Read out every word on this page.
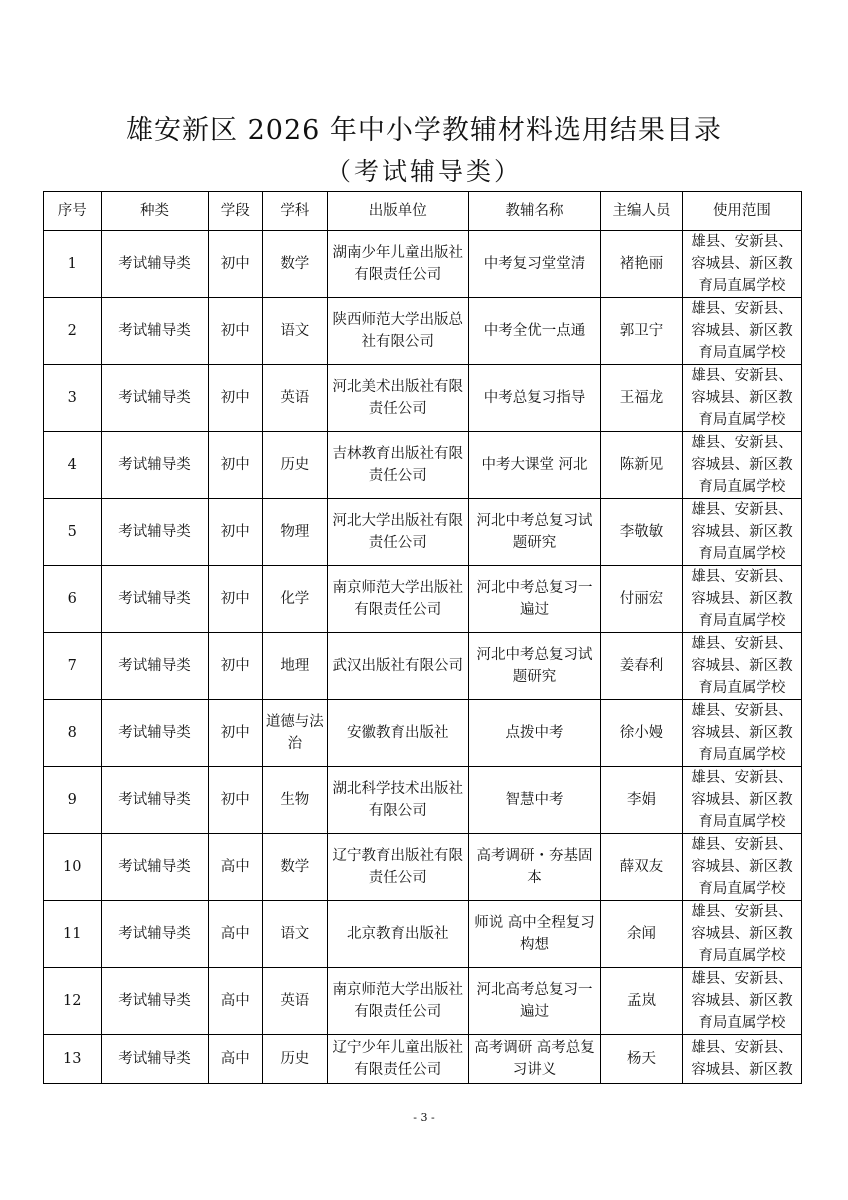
雄安新区 2026 年中小学教辅材料选用结果目录
（考试辅导类）
序号	种类	学段	学科	出版单位	教辅名称	主编人员	使用范围
1	考试辅导类	初中	数学	湖南少年儿童出版社有限责任公司	中考复习堂堂清	褚艳丽	雄县、安新县、容城县、新区教育局直属学校
2	考试辅导类	初中	语文	陕西师范大学出版总社有限公司	中考全优一点通	郭卫宁	雄县、安新县、容城县、新区教育局直属学校
3	考试辅导类	初中	英语	河北美术出版社有限责任公司	中考总复习指导	王福龙	雄县、安新县、容城县、新区教育局直属学校
4	考试辅导类	初中	历史	吉林教育出版社有限责任公司	中考大课堂 河北	陈新见	雄县、安新县、容城县、新区教育局直属学校
5	考试辅导类	初中	物理	河北大学出版社有限责任公司	河北中考总复习试题研究	李敬敏	雄县、安新县、容城县、新区教育局直属学校
6	考试辅导类	初中	化学	南京师范大学出版社有限责任公司	河北中考总复习一遍过	付丽宏	雄县、安新县、容城县、新区教育局直属学校
7	考试辅导类	初中	地理	武汉出版社有限公司	河北中考总复习试题研究	姜春利	雄县、安新县、容城县、新区教育局直属学校
8	考试辅导类	初中	道德与法治	安徽教育出版社	点拨中考	徐小嫚	雄县、安新县、容城县、新区教育局直属学校
9	考试辅导类	初中	生物	湖北科学技术出版社有限公司	智慧中考	李娟	雄县、安新县、容城县、新区教育局直属学校
10	考试辅导类	高中	数学	辽宁教育出版社有限责任公司	高考调研・夯基固本	薛双友	雄县、安新县、容城县、新区教育局直属学校
11	考试辅导类	高中	语文	北京教育出版社	师说 高中全程复习构想	余闻	雄县、安新县、容城县、新区教育局直属学校
12	考试辅导类	高中	英语	南京师范大学出版社有限责任公司	河北高考总复习一遍过	孟岚	雄县、安新县、容城县、新区教育局直属学校
13	考试辅导类	高中	历史	辽宁少年儿童出版社有限责任公司	高考调研 高考总复习讲义	杨天	雄县、安新县、容城县、新区教
- 3 -
